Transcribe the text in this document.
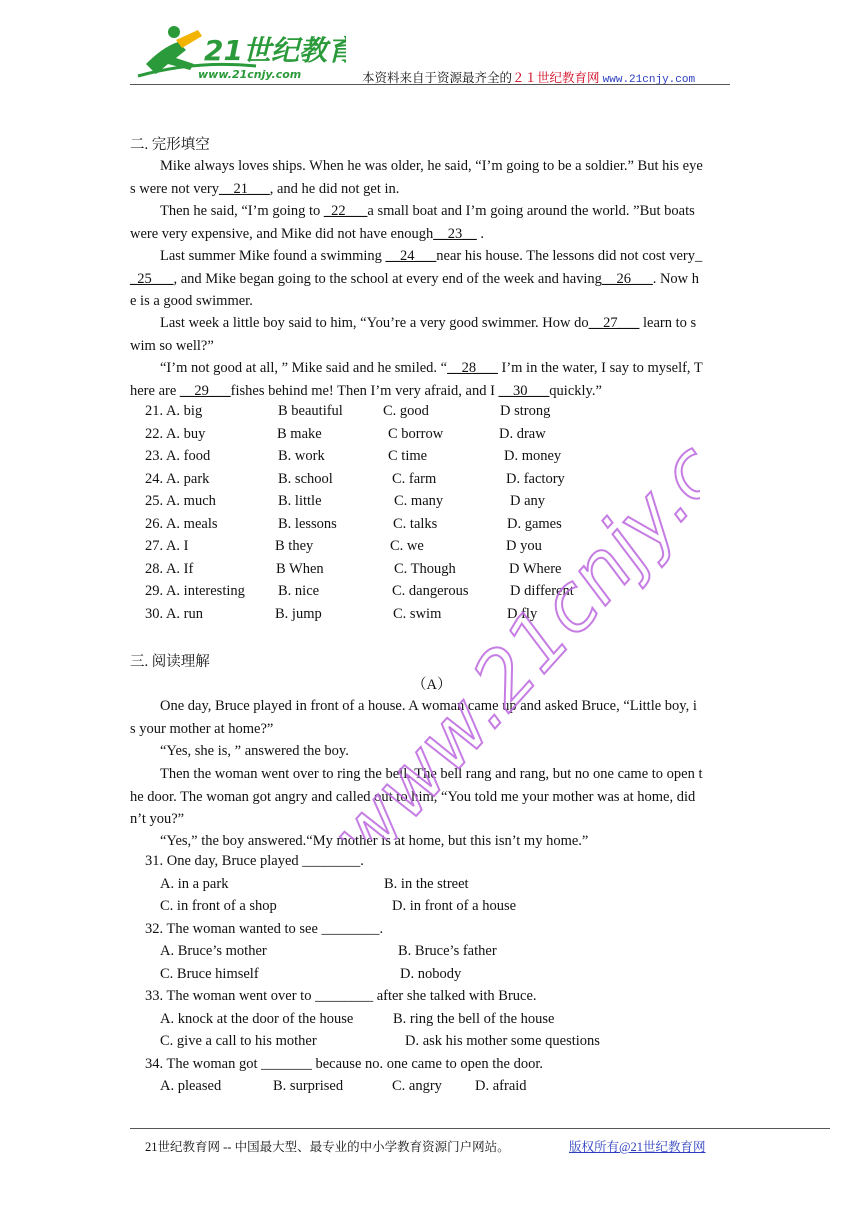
21世纪教育
www.21cnjy.com	本资料来自于资源最齐全的２１世纪教育网 www.21cnjy.com
二. 完形填空
Mike always loves ships. When he was older, he said, “I’m going to be a soldier.” But his eye
s were not very__21___, and he did not get in.
Then he said, “I’m going to _22___a small boat and I’m going around the world. ”But boats
were very expensive, and Mike did not have enough__23__ .
Last summer Mike found a swimming __24___near his house. The lessons did not cost very_
_25___, and Mike began going to the school at every end of the week and having__26___. Now h
e is a good swimmer.
Last week a little boy said to him, “You’re a very good swimmer. How do__27___ learn to s
wim so well?”
“I’m not good at all, ” Mike said and he smiled. “__28___ I’m in the water, I say to myself, T
here are __29___fishes behind me! Then I’m very afraid, and I __30___quickly.”
21. A. big	B beautiful	C. good	D strong
22. A. buy	B make	C borrow	D. draw
23. A. food	B. work	C time	D. money
24. A. park	B. school	C. farm	D. factory
25. A. much	B. little	C. many	D any
26. A. meals	B. lessons	C. talks	D. games
27. A. I	B they	C. we	D you
28. A. If	B When	C. Though	D Where
29. A. interesting B. nice	C. dangerous	D different
30. A. run	B. jump	C. swim	D fly
三. 阅读理解
（A）
One day, Bruce played in front of a house. A woman came up and asked Bruce, “Little boy, i
s your mother at home?”
“Yes, she is, ” answered the boy.
Then the woman went over to ring the bell. The bell rang and rang, but no one came to open t
he door. The woman got angry and called out to him, “You told me your mother was at home, did
n’t you?”
“Yes,” the boy answered.“My mother is at home, but this isn’t my home.”
31. One day, Bruce played ________.
A. in a park	B. in the street
C. in front of a shop	D. in front of a house
32. The woman wanted to see ________.
A. Bruce’s mother	B. Bruce’s father
C. Bruce himself	D. nobody
33. The woman went over to ________ after she talked with Bruce.
A. knock at the door of the house	B. ring the bell of the house
C. give a call to his mother	D. ask his mother some questions
34. The woman got _______ because no. one came to open the door.
A. pleased	B. surprised	C. angry D. afraid
www.21cnjy.com
21世纪教育网 -- 中国最大型、最专业的中小学教育资源门户网站。	版权所有@21世纪教育网
